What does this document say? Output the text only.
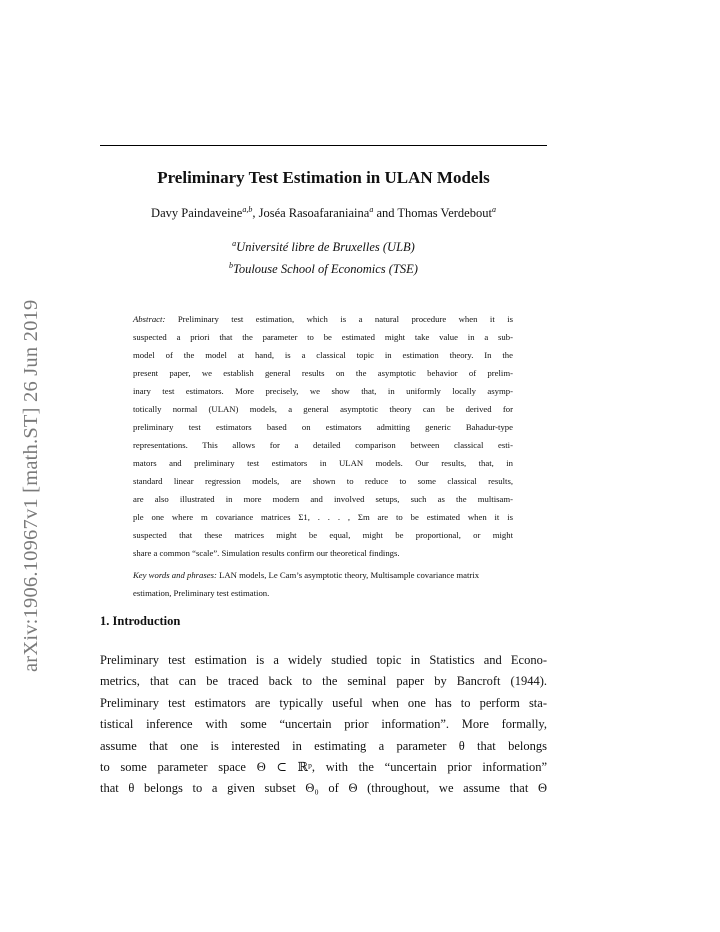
arXiv:1906.10967v1 [math.ST] 26 Jun 2019
Preliminary Test Estimation in ULAN Models
Davy Paindaveine$^{a,b}$, Joséa Rasoafaraniaina$^a$ and Thomas Verdebout$^a$
$^a$Université libre de Bruxelles (ULB)
$^b$Toulouse School of Economics (TSE)
Abstract: Preliminary test estimation, which is a natural procedure when it is
suspected a priori that the parameter to be estimated might take value in a sub-
model of the model at hand, is a classical topic in estimation theory. In the
present paper, we establish general results on the asymptotic behavior of prelim-
inary test estimators. More precisely, we show that, in uniformly locally asymp-
totically normal (ULAN) models, a general asymptotic theory can be derived for
preliminary test estimators based on estimators admitting generic Bahadur-type
representations. This allows for a detailed comparison between classical esti-
mators and preliminary test estimators in ULAN models. Our results, that, in
standard linear regression models, are shown to reduce to some classical results,
are also illustrated in more modern and involved setups, such as the multisam-
ple one where m covariance matrices Σ1, . . . , Σm are to be estimated when it is
suspected that these matrices might be equal, might be proportional, or might
share a common “scale”. Simulation results confirm our theoretical findings.

Key words and phrases: LAN models, Le Cam’s asymptotic theory, Multisample covariance matrix estimation, Preliminary test estimation.

1. Introduction
Preliminary test estimation is a widely studied topic in Statistics and Econo-
metrics, that can be traced back to the seminal paper by Bancroft (1944).
Preliminary test estimators are typically useful when one has to perform sta-
tistical inference with some “uncertain prior information”. More formally,
assume that one is interested in estimating a parameter θ that belongs
to some parameter space Θ ⊂ ℝᵖ, with the “uncertain prior information”
that θ belongs to a given subset Θ₀ of Θ (throughout, we assume that Θ
